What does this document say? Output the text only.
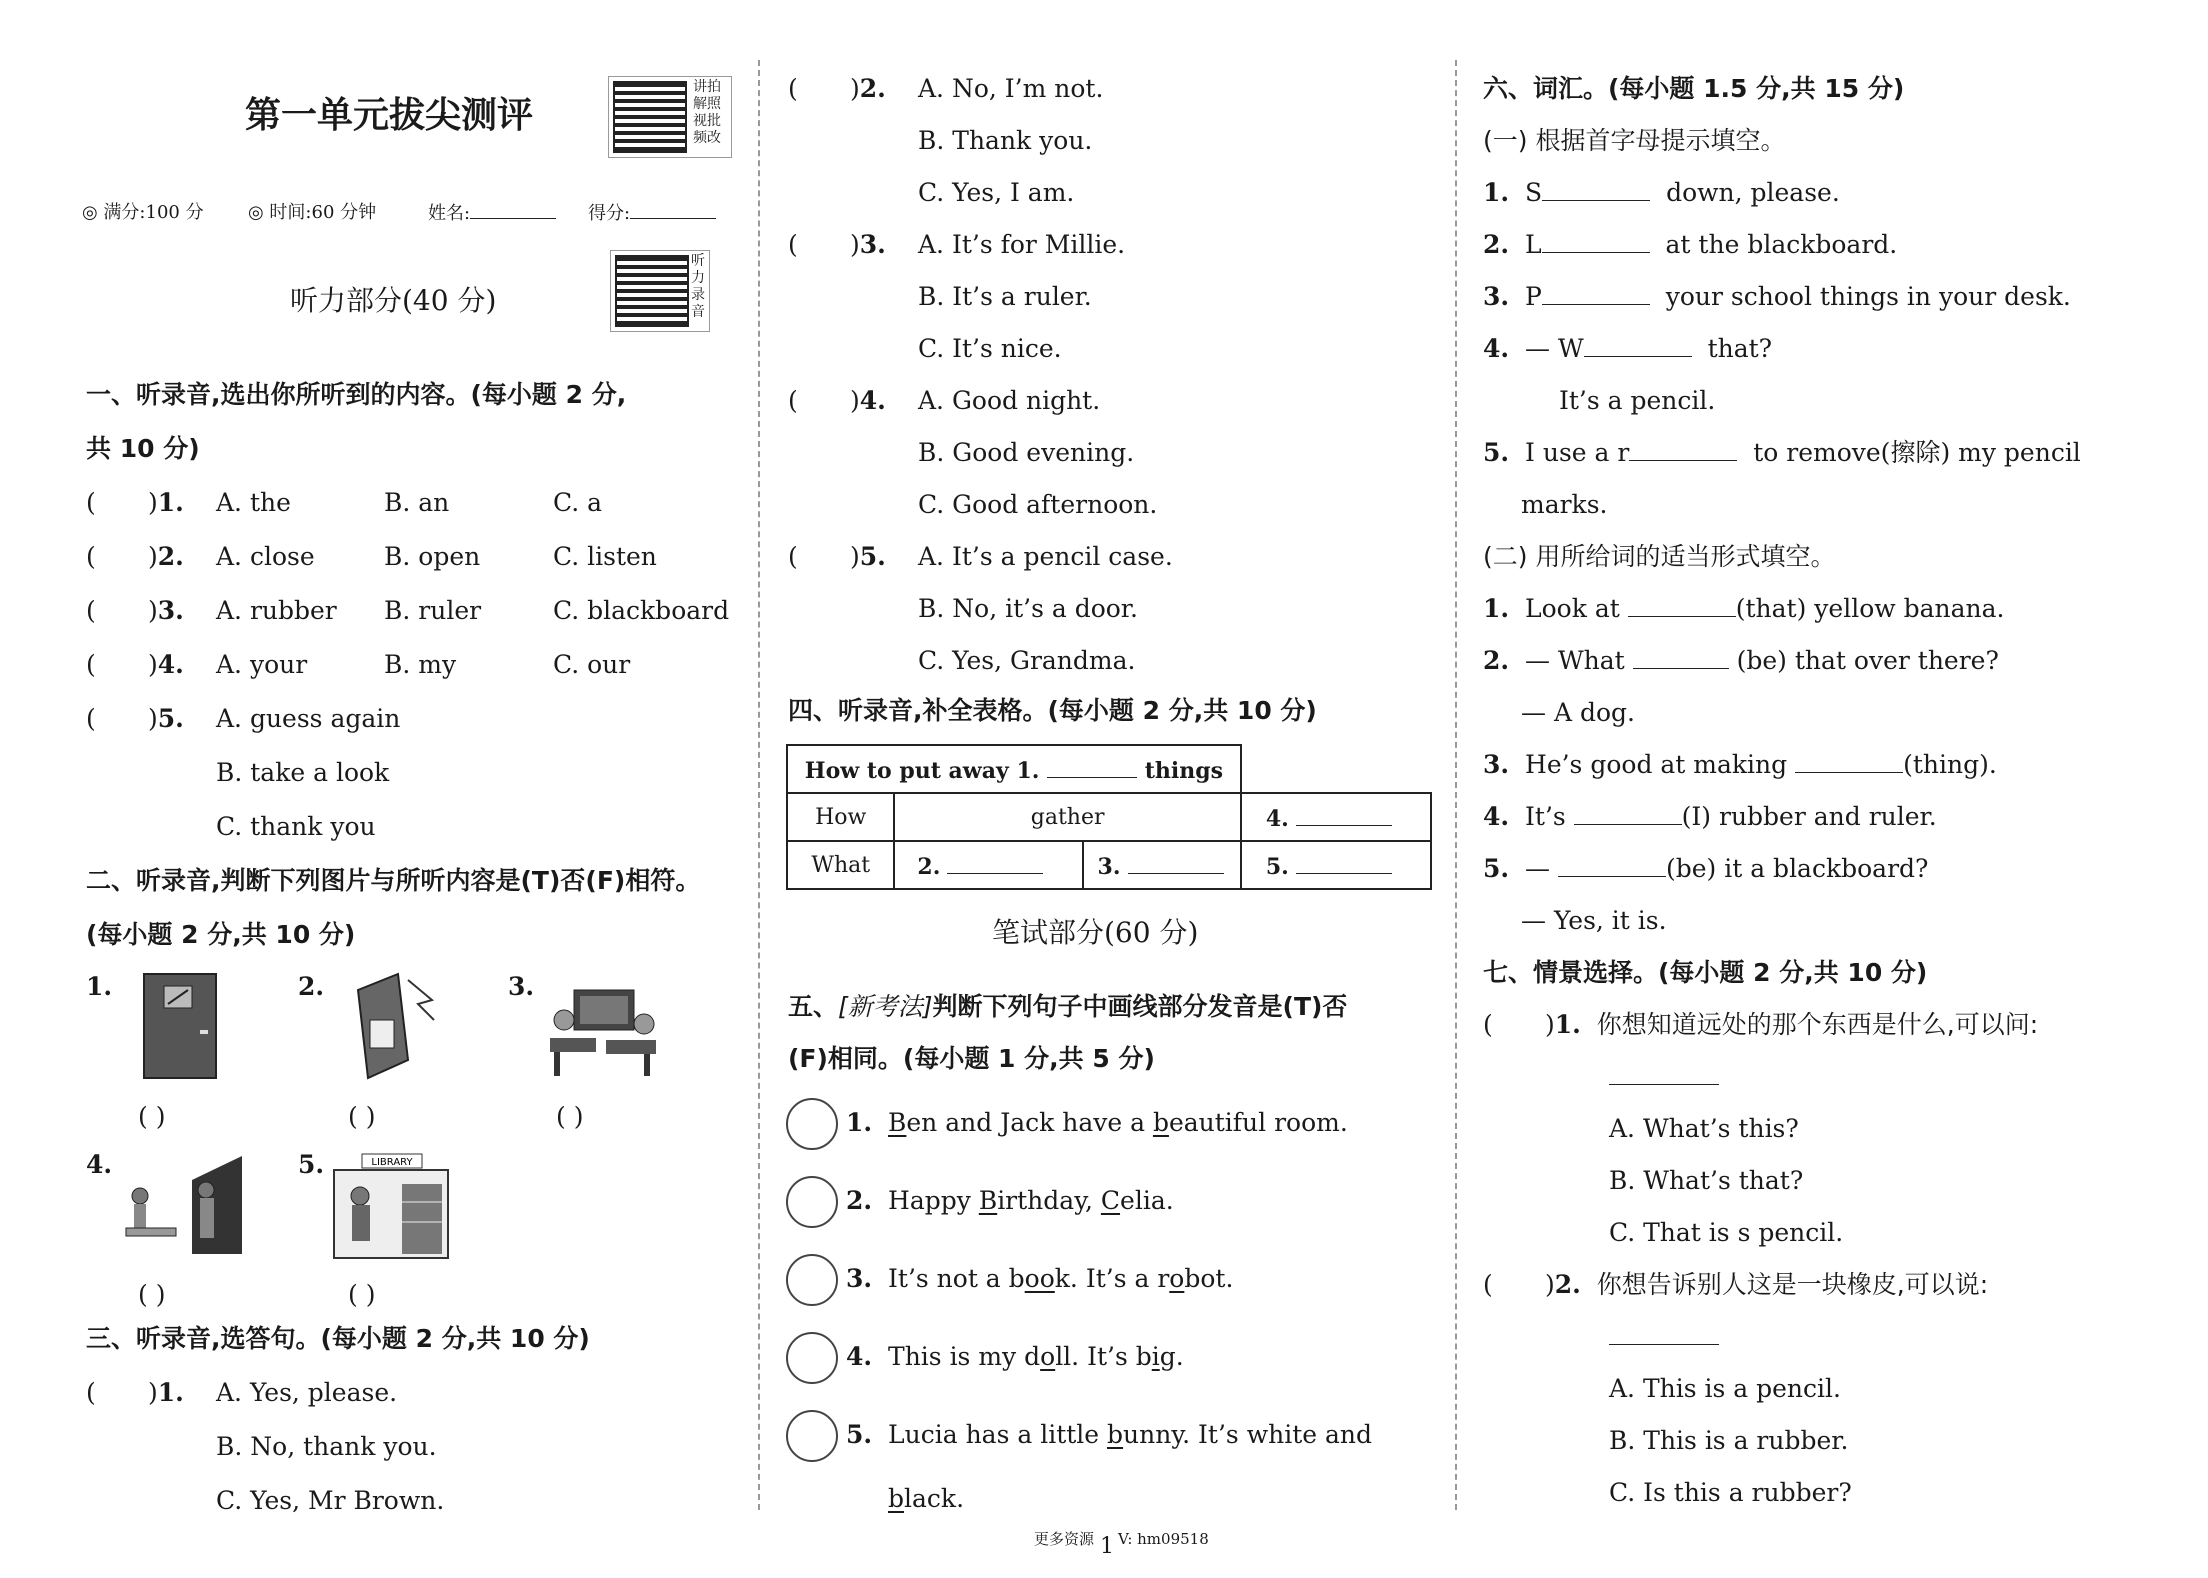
第一单元拔尖测评
讲拍解照视批频改
◎ 满分:100 分 ◎ 时间:60 分钟	姓名:	得分:
听力部分(40 分)
听力录音
一、听录音,选出你所听到的内容。(每小题 2 分,
共 10 分)
( )1. A. the	B. an	C. a
( )2. A. close	B. open	C. listen
( )3. A. rubber B. ruler	C. blackboard
( )4. A. your	B. my	C. our
( )5. A. guess again
B. take a look
C. thank you
二、听录音,判断下列图片与所听内容是(T)否(F)相符。
(每小题 2 分,共 10 分)
1.
( )
2.
( )
3.
( )
4.
( )
5.	LIBRARY
( )
三、听录音,选答句。(每小题 2 分,共 10 分)
( )1. A. Yes, please.
B. No, thank you.
C. Yes, Mr Brown.
( )2. A. No, I’m not.
B. Thank you.
C. Yes, I am.
( )3. A. It’s for Millie.
B. It’s a ruler.
C. It’s nice.
( )4. A. Good night.
B. Good evening.
C. Good afternoon.
( )5. A. It’s a pencil case.
B. No, it’s a door.
C. Yes, Grandma.
四、听录音,补全表格。(每小题 2 分,共 10 分)
How to put away 1. things			
How	gather		4.
What	2.	3.	5.
笔试部分(60 分)
五、[新考法]判断下列句子中画线部分发音是(T)否
(F)相同。(每小题 1 分,共 5 分)
1. Ben and Jack have a beautiful room.
2. Happy Birthday, Celia.
3. It’s not a book. It’s a robot.
4. This is my doll. It’s big.
5. Lucia has a little bunny. It’s white and
black.
六、词汇。(每小题 1.5 分,共 15 分)
(一) 根据首字母提示填空。
1. S	down, please.
2. L	at the blackboard.
3. P	your school things in your desk.
4. — W	that?
It’s a pencil.
5. I use a r	to remove(擦除) my pencil
marks.
(二) 用所给词的适当形式填空。
1. Look at	(that) yellow banana.
2. — What	(be) that over there?
— A dog.
3. He’s good at making	(thing).
4. It’s	(I) rubber and ruler.
5. —	(be) it a blackboard?
— Yes, it is.
七、情景选择。(每小题 2 分,共 10 分)
( )1. 你想知道远处的那个东西是什么,可以问:
A. What’s this?
B. What’s that?
C. That is s pencil.
( )2. 你想告诉别人这是一块橡皮,可以说:
A. This is a pencil.
B. This is a rubber.
C. Is this a rubber?
更多资源 1 V: hm09518
